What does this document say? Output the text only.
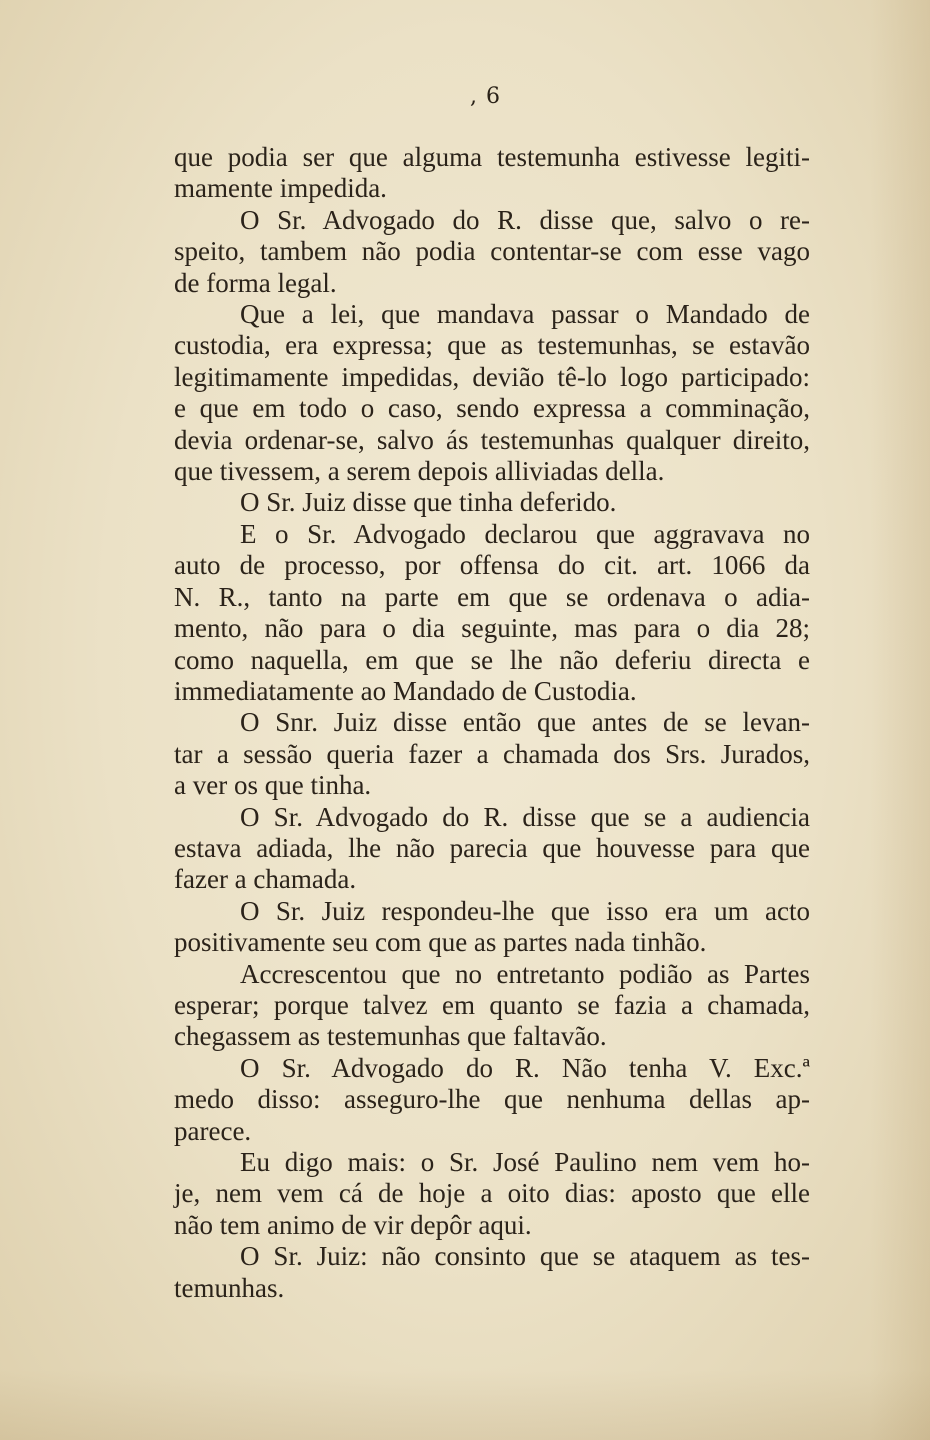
, 6
que podia ser que alguma testemunha estivesse legiti-
mamente impedida.
O Sr. Advogado do R. disse que, salvo o re-
speito, tambem não podia contentar-se com esse vago
de forma legal.
Que a lei, que mandava passar o Mandado de
custodia, era expressa; que as testemunhas, se estavão
legitimamente impedidas, devião tê-lo logo participado:
e que em todo o caso, sendo expressa a comminação,
devia ordenar-se, salvo ás testemunhas qualquer direito,
que tivessem, a serem depois alliviadas della.
O Sr. Juiz disse que tinha deferido.
E o Sr. Advogado declarou que aggravava no
auto de processo, por offensa do cit. art. 1066 da
N. R., tanto na parte em que se ordenava o adia-
mento, não para o dia seguinte, mas para o dia 28;
como naquella, em que se lhe não deferiu directa e
immediatamente ao Mandado de Custodia.
O Snr. Juiz disse então que antes de se levan-
tar a sessão queria fazer a chamada dos Srs. Jurados,
a ver os que tinha.
O Sr. Advogado do R. disse que se a audiencia
estava adiada, lhe não parecia que houvesse para que
fazer a chamada.
O Sr. Juiz respondeu-lhe que isso era um acto
positivamente seu com que as partes nada tinhão.
Accrescentou que no entretanto podião as Partes
esperar; porque talvez em quanto se fazia a chamada,
chegassem as testemunhas que faltavão.
O Sr. Advogado do R. Não tenha V. Exc.ª
medo disso: asseguro-lhe que nenhuma dellas ap-
parece.
Eu digo mais: o Sr. José Paulino nem vem ho-
je, nem vem cá de hoje a oito dias: aposto que elle
não tem animo de vir depôr aqui.
O Sr. Juiz: não consinto que se ataquem as tes-
temunhas.
